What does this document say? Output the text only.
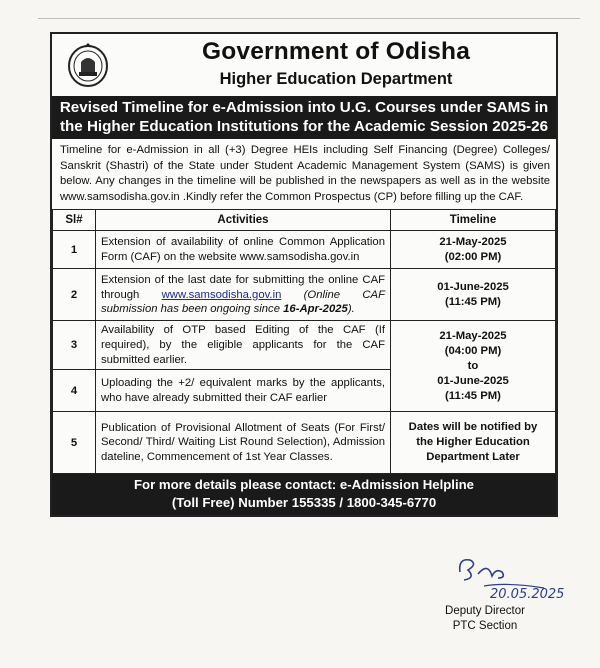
Government of Odisha
Higher Education Department
Revised Timeline for e-Admission into U.G. Courses under SAMS in
the Higher Education Institutions for the Academic Session 2025-26
Timeline for e-Admission in all (+3) Degree HEIs including Self Financing (Degree) Colleges/ Sanskrit (Shastri) of the State under Student Academic Management System (SAMS) is given below. Any changes in the timeline will be published in the newspapers as well as in the website www.samsodisha.gov.in .Kindly refer the Common Prospectus (CP) before filling up the CAF.
Sl#	Activities	Timeline
1	Extension of availability of online Common Application Form (CAF) on the website www.samsodisha.gov.in	21-May-2025
(02:00 PM)

2	Extension of the last date for submitting the online CAF through www.samsodisha.gov.in (Online CAF submission has been ongoing since 16-Apr-2025).	01-June-2025
(11:45 PM)

3	Availability of OTP based Editing of the CAF (If required), by the eligible applicants for the CAF submitted earlier.	21-May-2025
(04:00 PM)
to
01-June-2025
(11:45 PM)

4	Uploading the +2/ equivalent marks by the applicants, who have already submitted their CAF earlier	
5	Publication of Provisional Allotment of Seats (For First/ Second/ Third/ Waiting List Round Selection), Admission dateline, Commencement of 1st Year Classes.	Dates will be notified by the Higher Education Department Later
For more details please contact: e-Admission Helpline
(Toll Free) Number 155335 / 1800-345-6770
20.05.2025
Deputy Director
PTC Section
